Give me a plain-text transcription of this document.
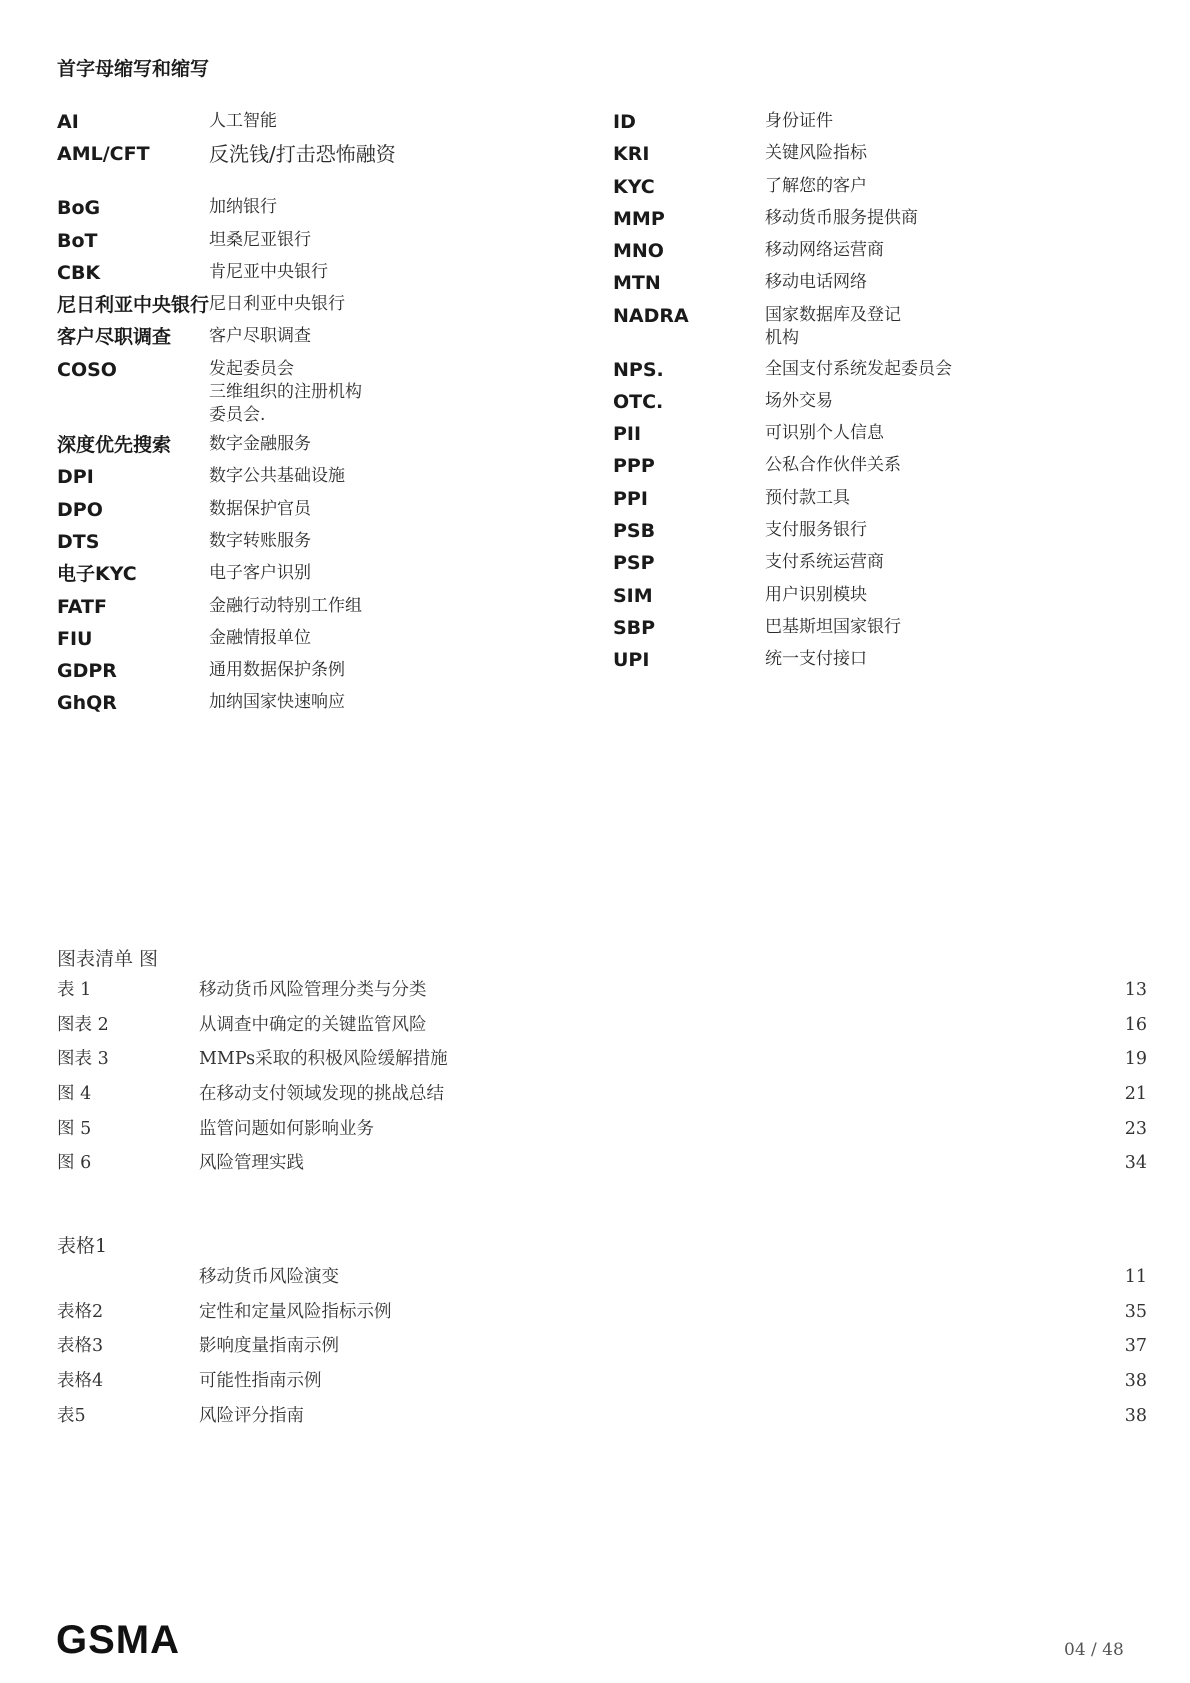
首字母缩写和缩写
AI	人工智能
AML/CFT	反洗钱/打击恐怖融资
BoG	加纳银行
BoT	坦桑尼亚银行
CBK	肯尼亚中央银行
尼日利亚中央银行 尼日利亚中央银行
客户尽职调查	客户尽职调查
COSO	发起委员会
三维组织的注册机构
委员会.
深度优先搜索	数字金融服务
DPI	数字公共基础设施
DPO	数据保护官员
DTS	数字转账服务
电子KYC	电子客户识别
FATF	金融行动特别工作组
FIU	金融情报单位
GDPR	通用数据保护条例
GhQR	加纳国家快速响应
ID	身份证件
KRI	关键风险指标
KYC	了解您的客户
MMP	移动货币服务提供商
MNO	移动网络运营商
MTN	移动电话网络
NADRA	国家数据库及登记
机构
NPS.	全国支付系统发起委员会
OTC.	场外交易
PII	可识别个人信息
PPP	公私合作伙伴关系
PPI	预付款工具
PSB	支付服务银行
PSP	支付系统运营商
SIM	用户识别模块
SBP	巴基斯坦国家银行
UPI	统一支付接口
图表清单 图
表 1	移动货币风险管理分类与分类	13
图表 2	从调查中确定的关键监管风险	16
图表 3	MMPs采取的积极风险缓解措施	19
图 4	在移动支付领域发现的挑战总结	21
图 5	监管问题如何影响业务	23
图 6	风险管理实践	34
表格1
移动货币风险演变	11
表格2	定性和定量风险指标示例	35
表格3	影响度量指南示例	37
表格4	可能性指南示例	38
表5	风险评分指南	38
GSMA	04 / 48
